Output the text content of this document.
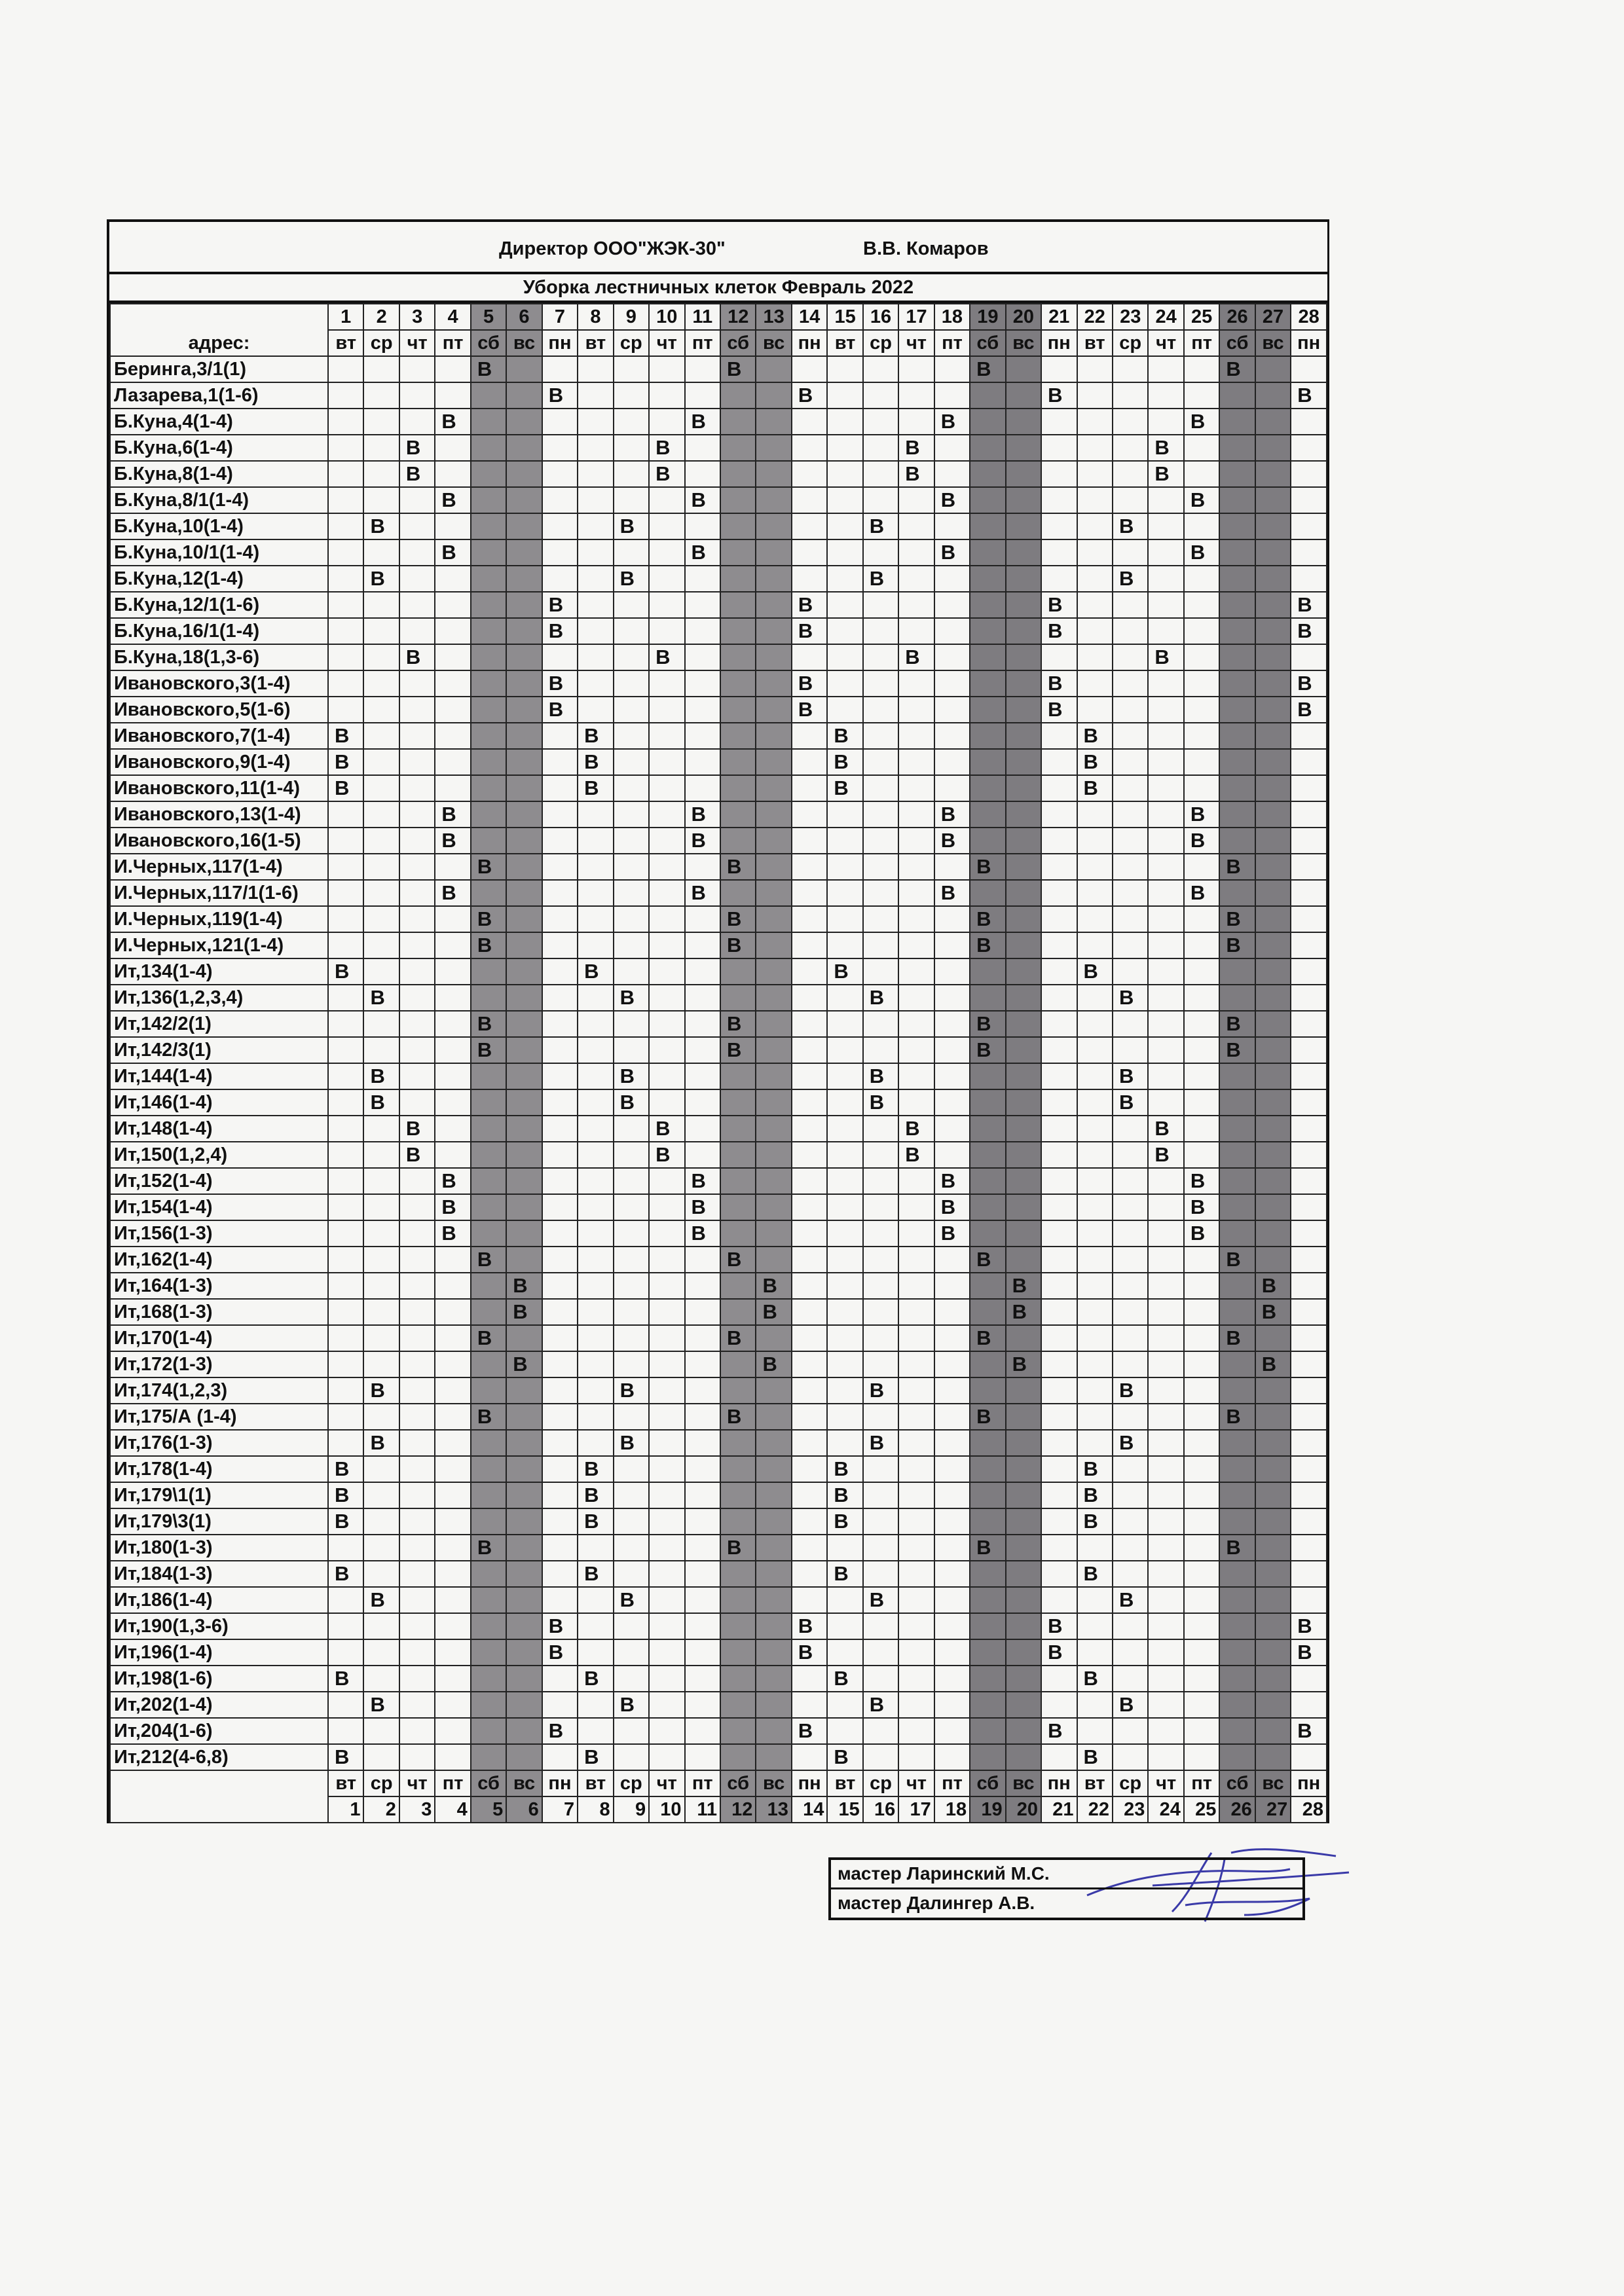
Директор ООО"ЖЭК-30"	В.В. Комаров
Уборка лестничных клеток Февраль 2022
адрес:	1	2	3	4	5	6	7	8	9	10	11	12	13	14	15	16	17	18	19	20	21	22	23	24	25	26	27	28
	вт	ср	чт	пт	сб	вс	пн	вт	ср	чт	пт	сб	вс	пн	вт	ср	чт	пт	сб	вс	пн	вт	ср	чт	пт	сб	вс	пн
Беринга,3/1(1)					В							В							В							В		
Лазарева,1(1-6)							В							В							В							В
Б.Куна,4(1-4)				В							В							В							В			
Б.Куна,6(1-4)			В							В							В							В				
Б.Куна,8(1-4)			В							В							В							В				
Б.Куна,8/1(1-4)				В							В							В							В			
Б.Куна,10(1-4)		В							В							В							В					
Б.Куна,10/1(1-4)				В							В							В							В			
Б.Куна,12(1-4)		В							В							В							В					
Б.Куна,12/1(1-6)							В							В							В							В
Б.Куна,16/1(1-4)							В							В							В							В
Б.Куна,18(1,3-6)			В							В							В							В				
Ивановского,3(1-4)							В							В							В							В
Ивановского,5(1-6)							В							В							В							В
Ивановского,7(1-4)	В							В							В							В						
Ивановского,9(1-4)	В							В							В							В						
Ивановского,11(1-4)	В							В							В							В						
Ивановского,13(1-4)				В							В							В							В			
Ивановского,16(1-5)				В							В							В							В			
И.Черных,117(1-4)					В							В							В							В		
И.Черных,117/1(1-6)				В							В							В							В			
И.Черных,119(1-4)					В							В							В							В		
И.Черных,121(1-4)					В							В							В							В		
Ит,134(1-4)	В							В							В							В						
Ит,136(1,2,3,4)		В							В							В							В					
Ит,142/2(1)					В							В							В							В		
Ит,142/3(1)					В							В							В							В		
Ит,144(1-4)		В							В							В							В					
Ит,146(1-4)		В							В							В							В					
Ит,148(1-4)			В							В							В							В				
Ит,150(1,2,4)			В							В							В							В				
Ит,152(1-4)				В							В							В							В			
Ит,154(1-4)				В							В							В							В			
Ит,156(1-3)				В							В							В							В			
Ит,162(1-4)					В							В							В							В		
Ит,164(1-3)						В							В							В							В	
Ит,168(1-3)						В							В							В							В	
Ит,170(1-4)					В							В							В							В		
Ит,172(1-3)						В							В							В							В	
Ит,174(1,2,3)		В							В							В							В					
Ит,175/А (1-4)					В							В							В							В		
Ит,176(1-3)		В							В							В							В					
Ит,178(1-4)	В							В							В							В						
Ит,179\1(1)	В							В							В							В						
Ит,179\3(1)	В							В							В							В						
Ит,180(1-3)					В							В							В							В		
Ит,184(1-3)	В							В							В							В						
Ит,186(1-4)		В							В							В							В					
Ит,190(1,3-6)							В							В							В							В
Ит,196(1-4)							В							В							В							В
Ит,198(1-6)	В							В							В							В						
Ит,202(1-4)		В							В							В							В					
Ит,204(1-6)							В							В							В							В
Ит,212(4-6,8)	В							В							В							В						
	вт	ср	чт	пт	сб	вс	пн	вт	ср	чт	пт	сб	вс	пн	вт	ср	чт	пт	сб	вс	пн	вт	ср	чт	пт	сб	вс	пн
	1	2	3	4	5	6	7	8	9	10	11	12	13	14	15	16	17	18	19	20	21	22	23	24	25	26	27	28
мастер Ларинский М.С.
мастер Далингер А.В.
